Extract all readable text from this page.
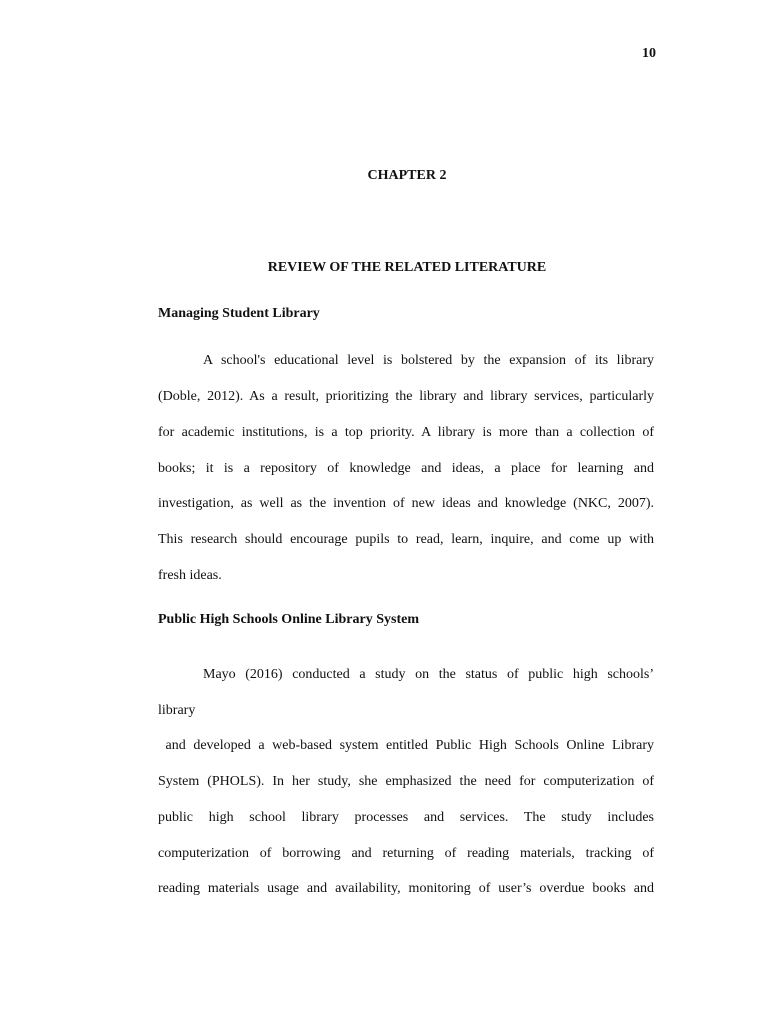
10
CHAPTER 2
REVIEW OF THE RELATED LITERATURE
Managing Student Library
A school's educational level is bolstered by the expansion of its library
(Doble, 2012). As a result, prioritizing the library and library services, particularly
for academic institutions, is a top priority. A library is more than a collection of
books; it is a repository of knowledge and ideas, a place for learning and
investigation, as well as the invention of new ideas and knowledge (NKC, 2007).
This research should encourage pupils to read, learn, inquire, and come up with
fresh ideas.
Public High Schools Online Library System
Mayo (2016) conducted a study on the status of public high schools’
library
and developed a web-based system entitled Public High Schools Online Library
System (PHOLS). In her study, she emphasized the need for computerization of
public high school library processes and services. The study includes
computerization of borrowing and returning of reading materials, tracking of
reading materials usage and availability, monitoring of user’s overdue books and
